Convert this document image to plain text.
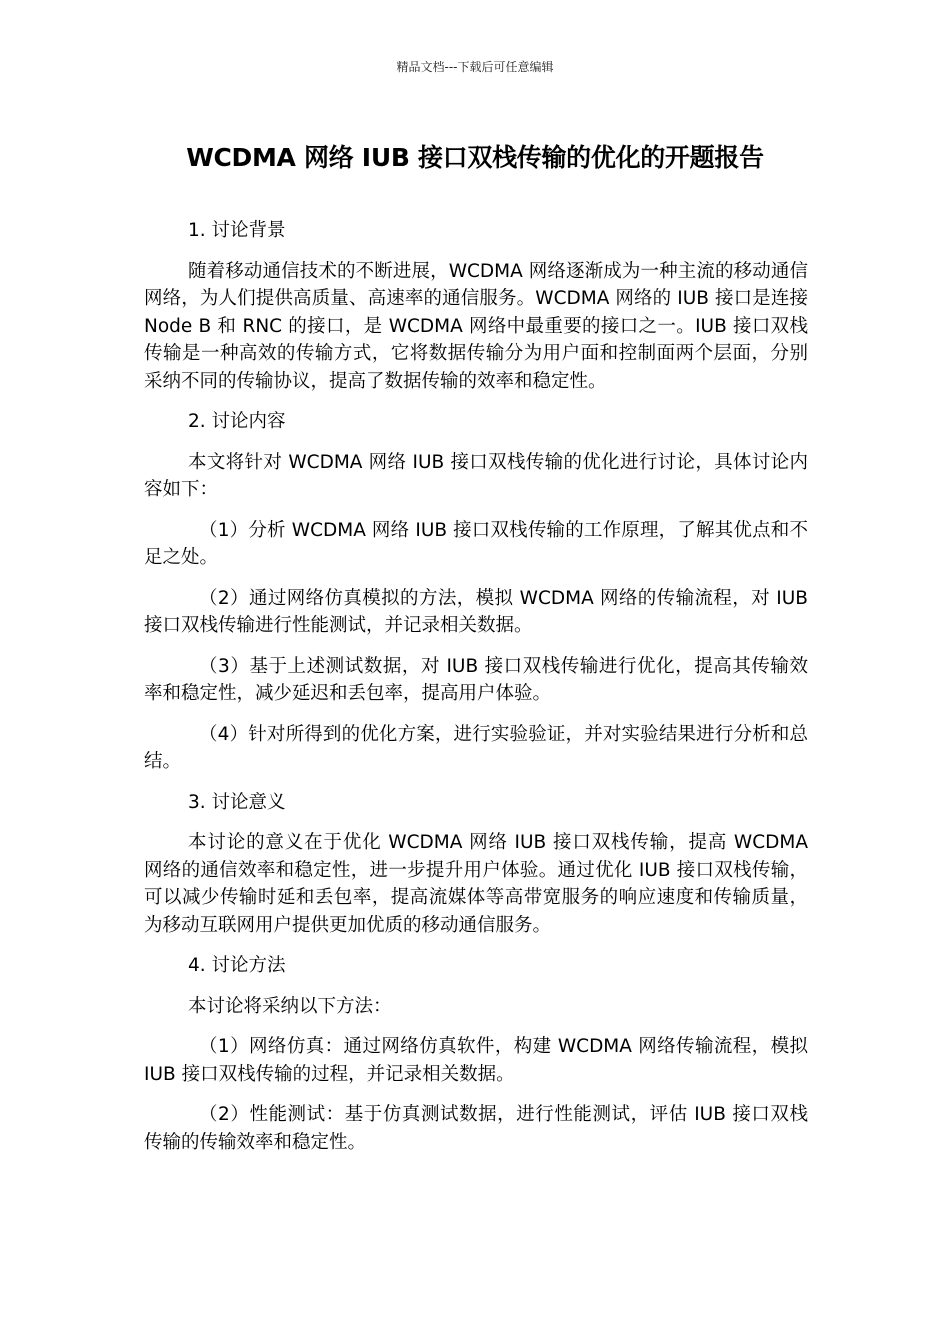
精品文档---下载后可任意编辑
WCDMA 网络 IUB 接口双栈传输的优化的开题报告

1. 讨论背景

随着移动通信技术的不断进展，WCDMA 网络逐渐成为一种主流的移动通信网络，为人们提供高质量、高速率的通信服务。WCDMA 网络的 IUB 接口是连接 Node B 和 RNC 的接口，是 WCDMA 网络中最重要的接口之一。IUB 接口双栈传输是一种高效的传输方式，它将数据传输分为用户面和控制面两个层面，分别采纳不同的传输协议，提高了数据传输的效率和稳定性。

2. 讨论内容

本文将针对 WCDMA 网络 IUB 接口双栈传输的优化进行讨论，具体讨论内容如下：

（1）分析 WCDMA 网络 IUB 接口双栈传输的工作原理，了解其优点和不足之处。

（2）通过网络仿真模拟的方法，模拟 WCDMA 网络的传输流程，对 IUB 接口双栈传输进行性能测试，并记录相关数据。

（3）基于上述测试数据，对 IUB 接口双栈传输进行优化，提高其传输效率和稳定性，减少延迟和丢包率，提高用户体验。

（4）针对所得到的优化方案，进行实验验证，并对实验结果进行分析和总结。

3. 讨论意义

本讨论的意义在于优化 WCDMA 网络 IUB 接口双栈传输，提高 WCDMA 网络的通信效率和稳定性，进一步提升用户体验。通过优化 IUB 接口双栈传输，可以减少传输时延和丢包率，提高流媒体等高带宽服务的响应速度和传输质量，为移动互联网用户提供更加优质的移动通信服务。

4. 讨论方法

本讨论将采纳以下方法：

（1）网络仿真：通过网络仿真软件，构建 WCDMA 网络传输流程，模拟 IUB 接口双栈传输的过程，并记录相关数据。

（2）性能测试：基于仿真测试数据，进行性能测试，评估 IUB 接口双栈传输的传输效率和稳定性。
